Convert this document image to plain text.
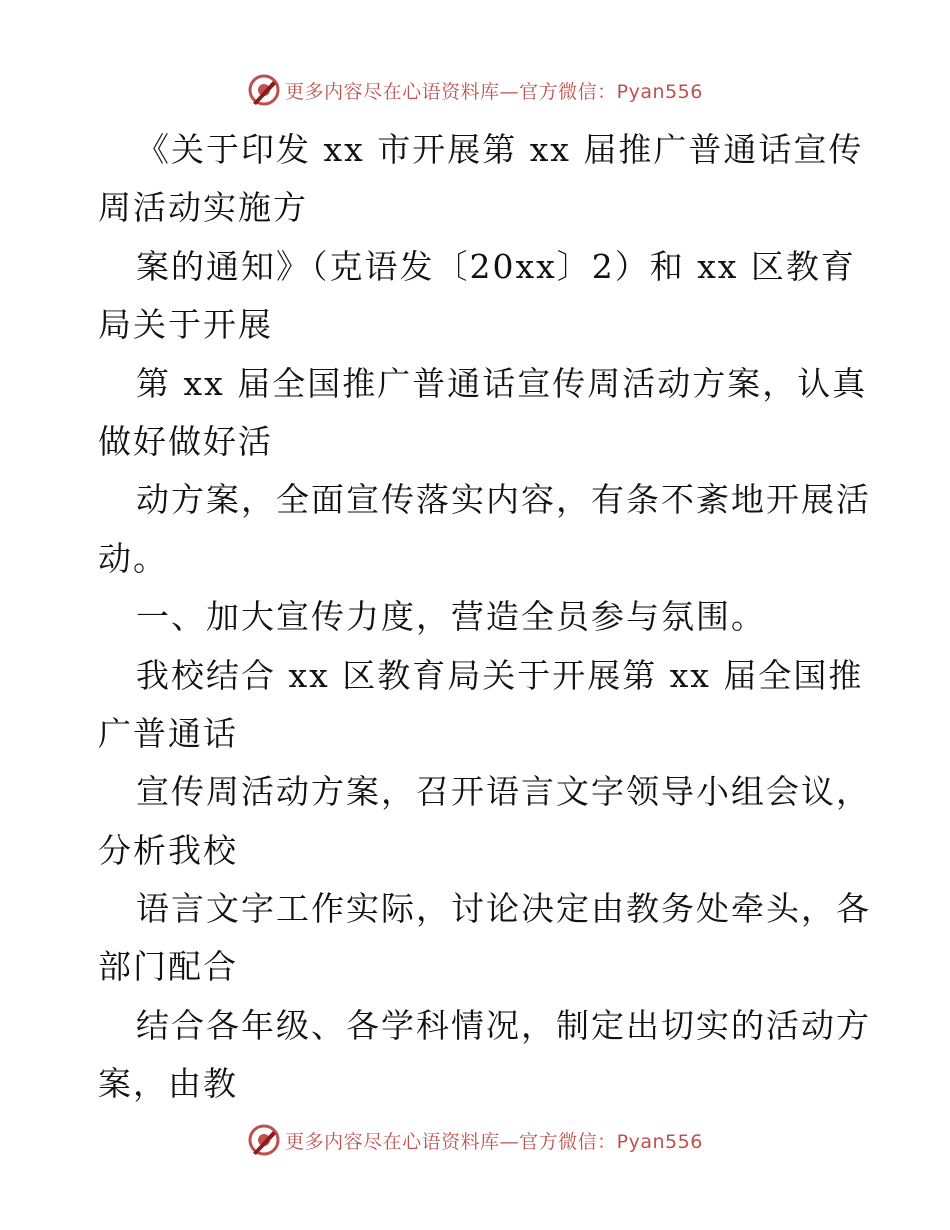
更多内容尽在心语资料库—官方微信：Pyan556
《关于印发 xx 市开展第 xx 届推广普通话宣传
周活动实施方
案的通知》（克语发〔20xx〕2）和 xx 区教育
局关于开展
第 xx 届全国推广普通话宣传周活动方案，认真
做好做好活
动方案，全面宣传落实内容，有条不紊地开展活
动。
一、加大宣传力度，营造全员参与氛围。
我校结合 xx 区教育局关于开展第 xx 届全国推
广普通话
宣传周活动方案，召开语言文字领导小组会议，
分析我校
语言文字工作实际，讨论决定由教务处牵头，各
部门配合
结合各年级、各学科情况，制定出切实的活动方
案，由教
更多内容尽在心语资料库—官方微信：Pyan556
